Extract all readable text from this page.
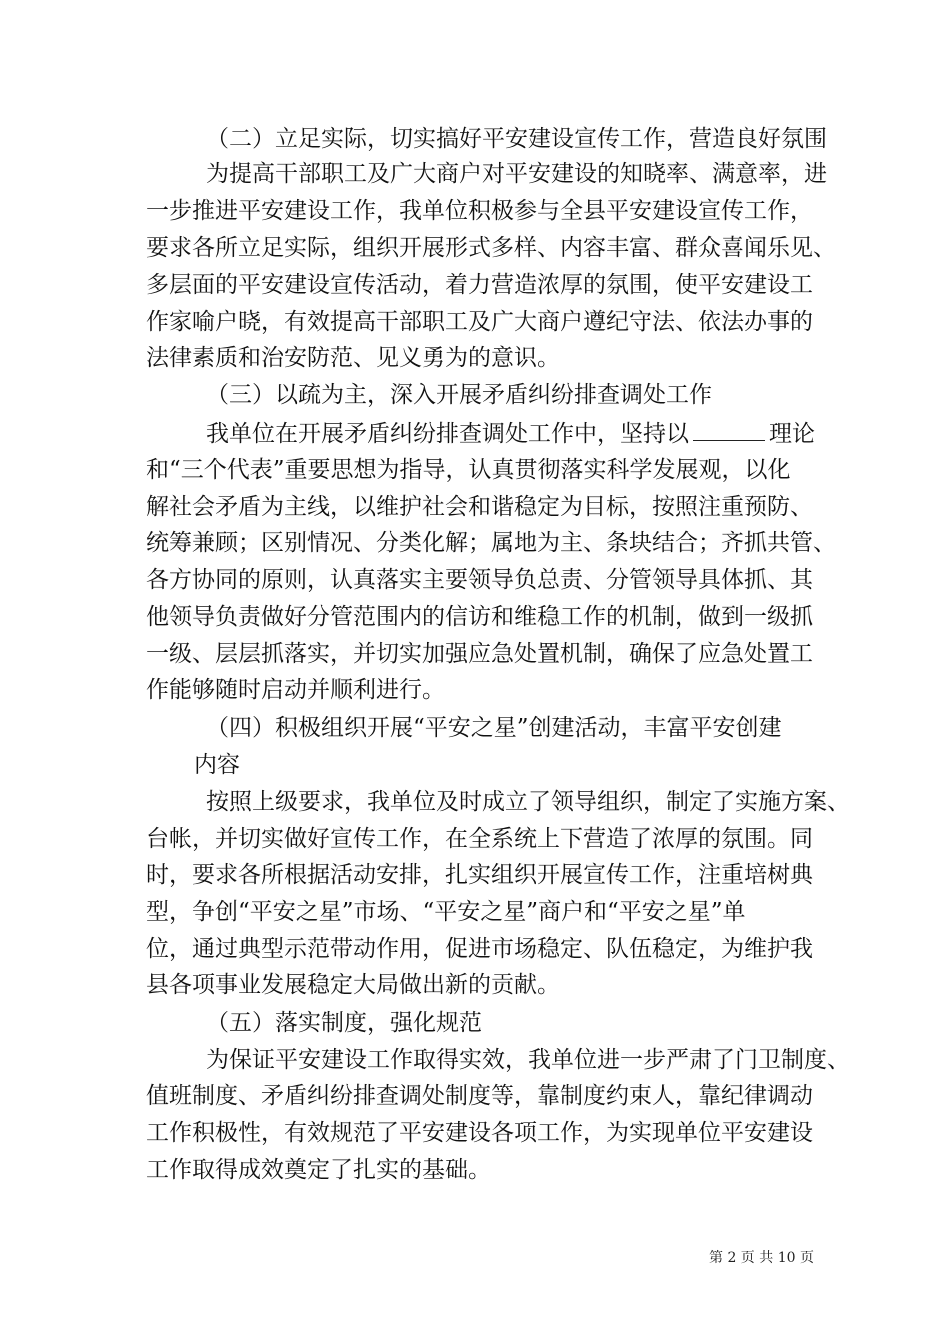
（二）立足实际，切实搞好平安建设宣传工作，营造良好氛围
为提高干部职工及广大商户对平安建设的知晓率、满意率，进
一步推进平安建设工作，我单位积极参与全县平安建设宣传工作，
要求各所立足实际，组织开展形式多样、内容丰富、群众喜闻乐见、
多层面的平安建设宣传活动，着力营造浓厚的氛围，使平安建设工
作家喻户晓，有效提高干部职工及广大商户遵纪守法、依法办事的
法律素质和治安防范、见义勇为的意识。
（三）以疏为主，深入开展矛盾纠纷排查调处工作
我单位在开展矛盾纠纷排查调处工作中，坚持以	理论
和“三个代表”重要思想为指导，认真贯彻落实科学发展观，以化
解社会矛盾为主线，以维护社会和谐稳定为目标，按照注重预防、
统筹兼顾；区别情况、分类化解；属地为主、条块结合；齐抓共管、
各方协同的原则，认真落实主要领导负总责、分管领导具体抓、其
他领导负责做好分管范围内的信访和维稳工作的机制，做到一级抓
一级、层层抓落实，并切实加强应急处置机制，确保了应急处置工
作能够随时启动并顺利进行。
（四）积极组织开展“平安之星”创建活动，丰富平安创建
内容
按照上级要求，我单位及时成立了领导组织，制定了实施方案、
台帐，并切实做好宣传工作，在全系统上下营造了浓厚的氛围。同
时，要求各所根据活动安排，扎实组织开展宣传工作，注重培树典
型，争创“平安之星”市场、“平安之星”商户和“平安之星”单
位，通过典型示范带动作用，促进市场稳定、队伍稳定，为维护我
县各项事业发展稳定大局做出新的贡献。
（五）落实制度，强化规范
为保证平安建设工作取得实效，我单位进一步严肃了门卫制度、
值班制度、矛盾纠纷排查调处制度等，靠制度约束人，靠纪律调动
工作积极性，有效规范了平安建设各项工作，为实现单位平安建设
工作取得成效奠定了扎实的基础。
第 2 页 共 10 页
